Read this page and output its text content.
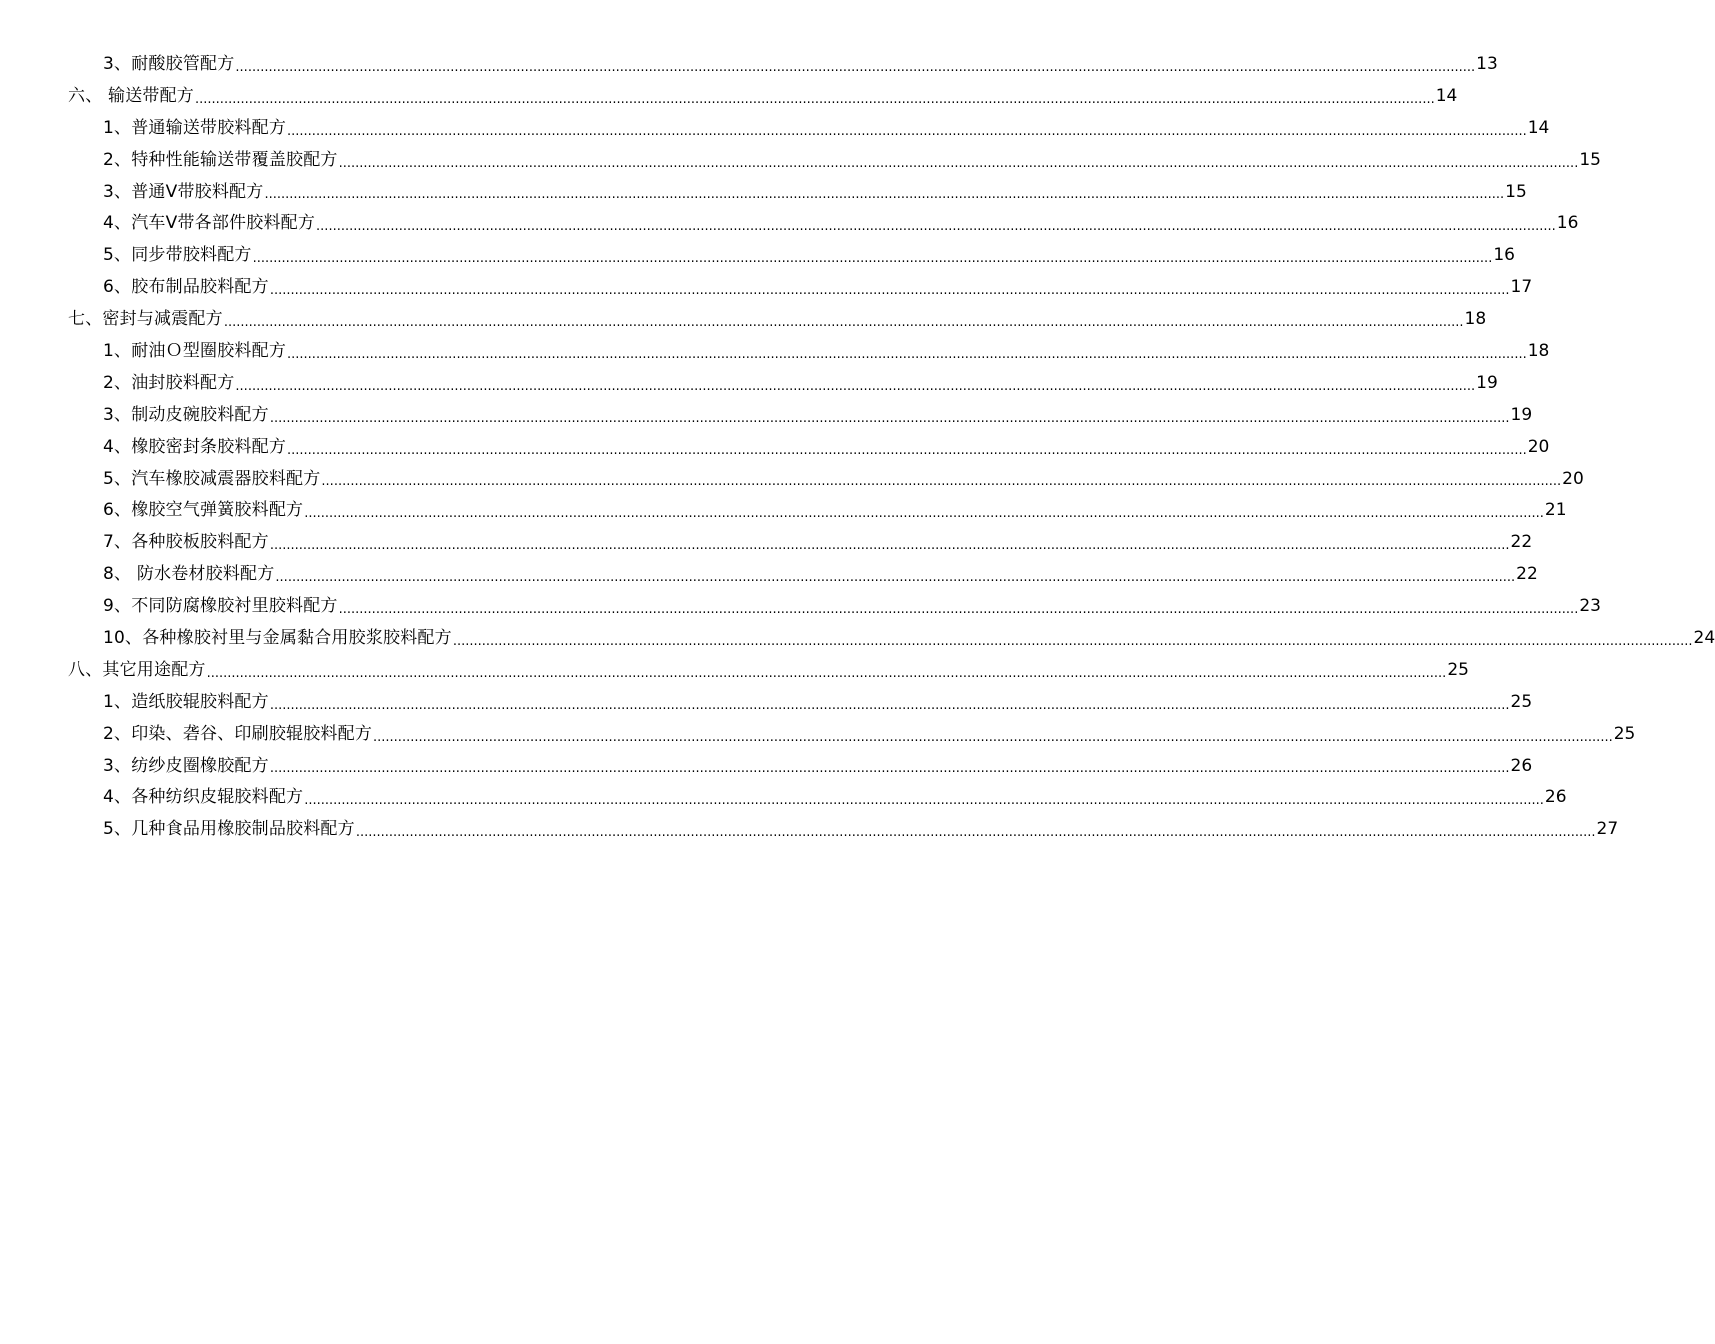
3、耐酸胶管配方 ............................................................................................................................................................................................................................................................................................................ 13
六、 输送带配方 ............................................................................................................................................................................................................................................................................................................ 14
1、普通输送带胶料配方 ............................................................................................................................................................................................................................................................................................................ 14
2、特种性能输送带覆盖胶配方 ............................................................................................................................................................................................................................................................................................................ 15
3、普通Ⅴ带胶料配方 ............................................................................................................................................................................................................................................................................................................ 15
4、汽车Ⅴ带各部件胶料配方 ............................................................................................................................................................................................................................................................................................................ 16
5、同步带胶料配方 ............................................................................................................................................................................................................................................................................................................ 16
6、胶布制品胶料配方 ............................................................................................................................................................................................................................................................................................................ 17
七、密封与减震配方 ............................................................................................................................................................................................................................................................................................................ 18
1、耐油Ｏ型圈胶料配方 ............................................................................................................................................................................................................................................................................................................ 18
2、油封胶料配方 ............................................................................................................................................................................................................................................................................................................ 19
3、制动皮碗胶料配方 ............................................................................................................................................................................................................................................................................................................ 19
4、橡胶密封条胶料配方 ............................................................................................................................................................................................................................................................................................................ 20
5、汽车橡胶减震器胶料配方 ............................................................................................................................................................................................................................................................................................................ 20
6、橡胶空气弹簧胶料配方 ............................................................................................................................................................................................................................................................................................................ 21
7、各种胶板胶料配方 ............................................................................................................................................................................................................................................................................................................ 22
8、 防水卷材胶料配方 ............................................................................................................................................................................................................................................................................................................ 22
9、不同防腐橡胶衬里胶料配方 ............................................................................................................................................................................................................................................................................................................ 23
10、各种橡胶衬里与金属黏合用胶浆胶料配方 ............................................................................................................................................................................................................................................................................................................ 24
八、其它用途配方 ............................................................................................................................................................................................................................................................................................................ 25
1、造纸胶辊胶料配方 ............................................................................................................................................................................................................................................................................................................ 25
2、印染、砻谷、印刷胶辊胶料配方 ............................................................................................................................................................................................................................................................................................................ 25
3、纺纱皮圈橡胶配方 ............................................................................................................................................................................................................................................................................................................ 26
4、各种纺织皮辊胶料配方 ............................................................................................................................................................................................................................................................................................................ 26
5、几种食品用橡胶制品胶料配方 ............................................................................................................................................................................................................................................................................................................ 27
